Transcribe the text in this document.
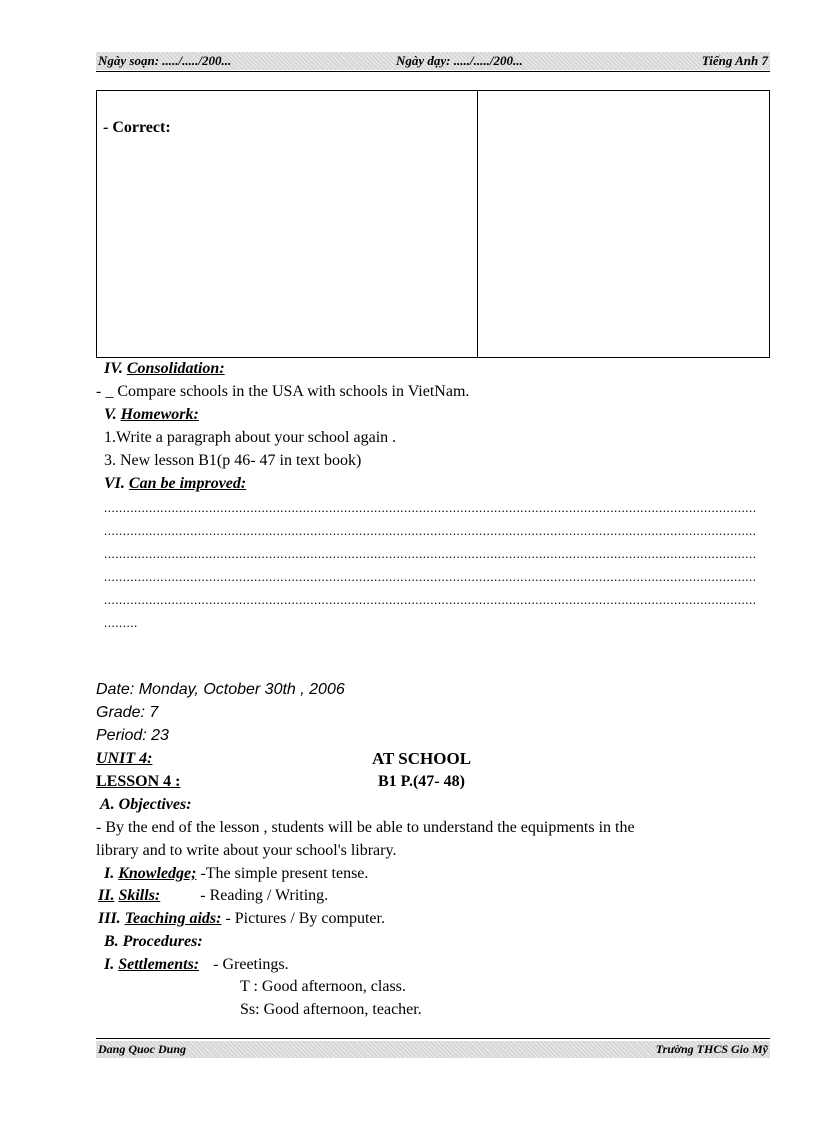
Ngày soạn: ...../...../200...	Ngày dạy: ...../...../200...	Tiếng Anh 7
- Correct:
IV. Consolidation:
- _ Compare schools in the USA with schools in VietNam.
V. Homework:
1.Write a paragraph about your school again .
3. New lesson B1(p 46- 47 in text book)
VI. Can be improved:
..............................................................................................................................................................................
..............................................................................................................................................................................
..............................................................................................................................................................................
..............................................................................................................................................................................
..............................................................................................................................................................................
.........
Date: Monday, October 30th , 2006
Grade: 7
Period: 23
UNIT 4:	AT SCHOOL
LESSON 4 :	B1 P.(47- 48)
A. Objectives:
- By the end of the lesson , students will be able to understand the equipments in the
library and to write about your school's library.
I. Knowledge; -The simple present tense.
II. Skills:	- Reading / Writing.
III. Teaching aids: - Pictures / By computer.
B. Procedures:
I. Settlements: - Greetings.
T : Good afternoon, class.
Ss: Good afternoon, teacher.
Dang Quoc Dung	Trường THCS Gio Mỹ
